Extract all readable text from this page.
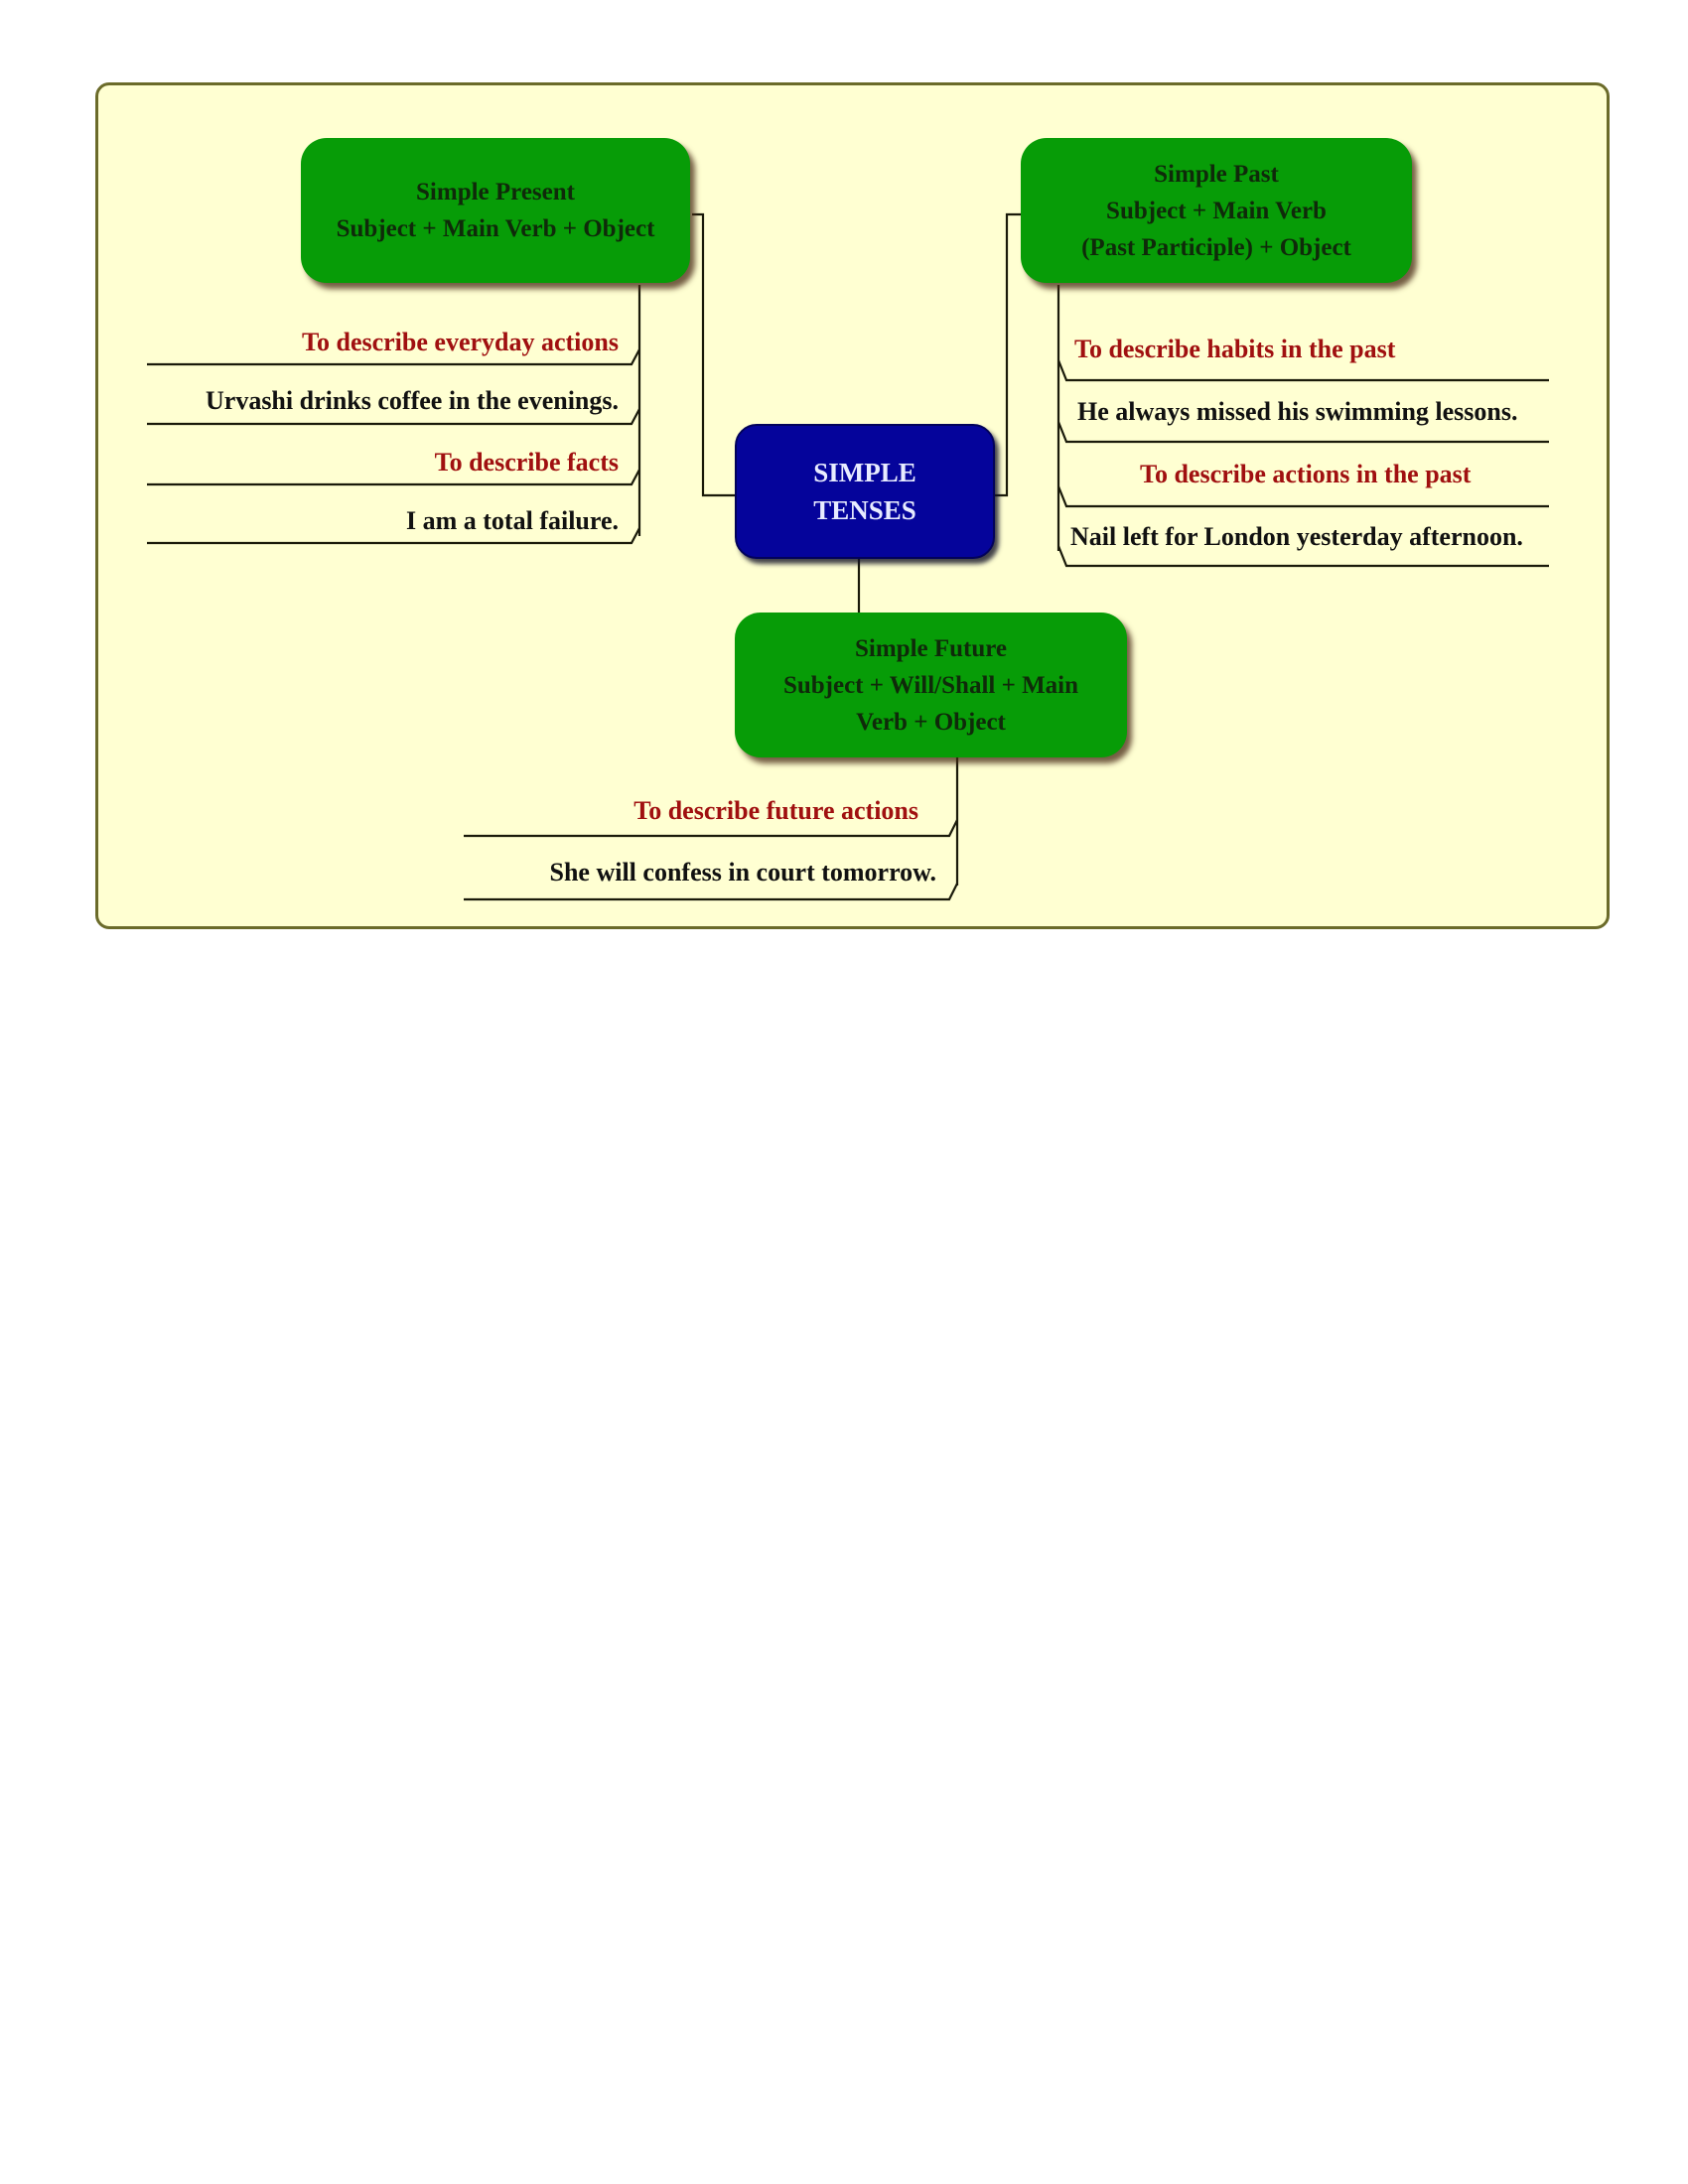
Simple Present
Subject + Main Verb + Object
Simple Past
Subject + Main Verb
(Past Participle) + Object
SIMPLE
TENSES
Simple Future
Subject + Will/Shall + Main
Verb + Object
To describe everyday actions
Urvashi drinks coffee in the evenings.
To describe facts
I am a total failure.
To describe habits in the past
He always missed his swimming lessons.
To describe actions in the past
Nail left for London yesterday afternoon.
To describe future actions
She will confess in court tomorrow.
